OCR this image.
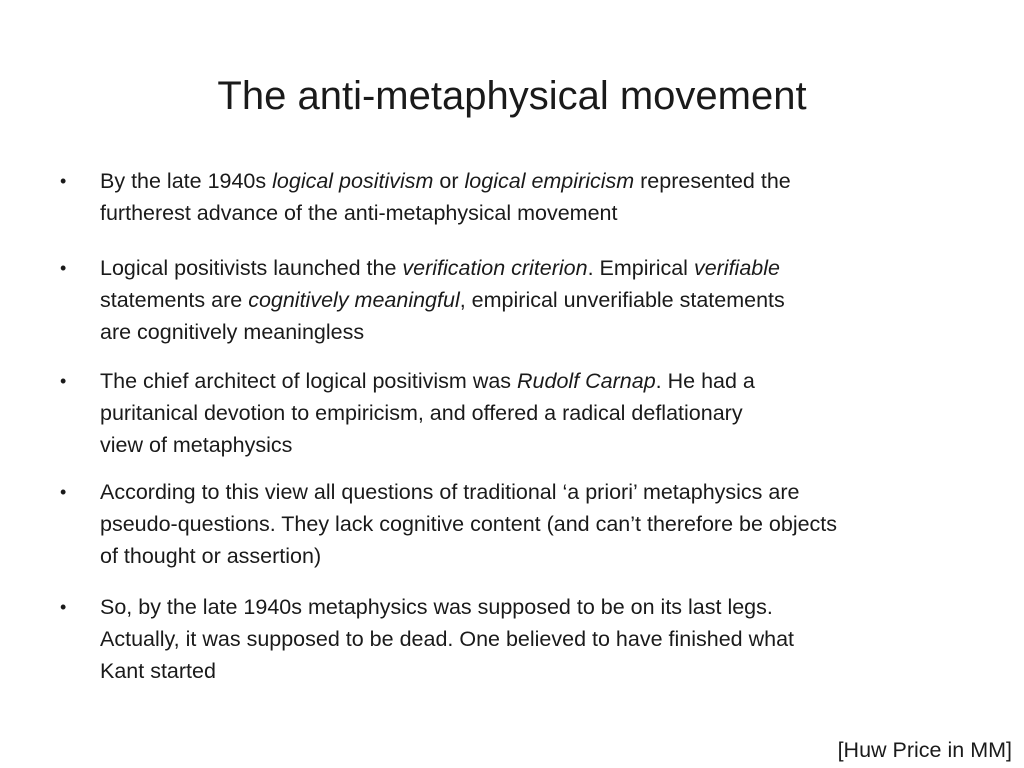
The anti-metaphysical movement
• By the late 1940s logical positivism or logical empiricism represented the
furtherest advance of the anti-metaphysical movement
• Logical positivists launched the verification criterion. Empirical verifiable
statements are cognitively meaningful, empirical unverifiable statements
are cognitively meaningless
• The chief architect of logical positivism was Rudolf Carnap. He had a
puritanical devotion to empiricism, and offered a radical deflationary
view of metaphysics
• According to this view all questions of traditional ‘a priori’ metaphysics are
pseudo-questions. They lack cognitive content (and can’t therefore be objects
of thought or assertion)
• So, by the late 1940s metaphysics was supposed to be on its last legs.
Actually, it was supposed to be dead. One believed to have finished what
Kant started
[Huw Price in MM]
